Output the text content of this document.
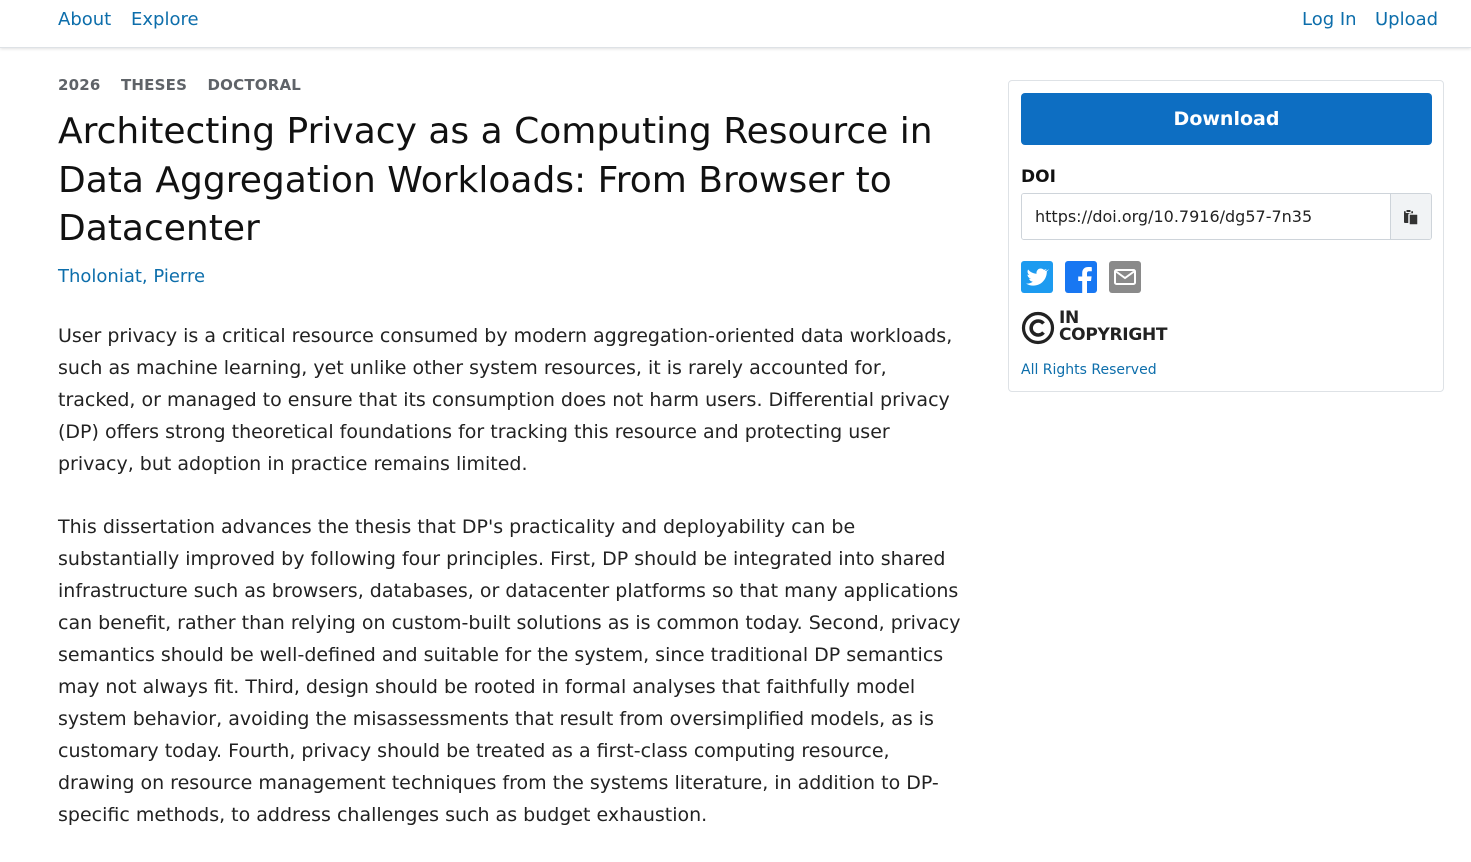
About Explore	Log In Upload
2026 THESES DOCTORAL
Architecting Privacy as a Computing Resource in Data Aggregation Workloads: From Browser to Datacenter
Tholoniat, Pierre

User privacy is a critical resource consumed by modern aggregation-oriented data workloads, such as machine learning, yet unlike other system resources, it is rarely accounted for, tracked, or managed to ensure that its consumption does not harm users. Differential privacy (DP) offers strong theoretical foundations for tracking this resource and protecting user privacy, but adoption in practice remains limited.

This dissertation advances the thesis that DP's practicality and deployability can be substantially improved by following four principles. First, DP should be integrated into shared infrastructure such as browsers, databases, or datacenter platforms so that many applications can benefit, rather than relying on custom-built solutions as is common today. Second, privacy semantics should be well-defined and suitable for the system, since traditional DP semantics may not always fit. Third, design should be rooted in formal analyses that faithfully model system behavior, avoiding the misassessments that result from oversimplified models, as is customary today. Fourth, privacy should be treated as a first-class computing resource, drawing on resource management techniques from the systems literature, in addition to DP-specific methods, to address challenges such as budget exhaustion.

Download
DOI
https://doi.org/10.7916/dg57-7n35
IN
COPYRIGHT
All Rights Reserved
